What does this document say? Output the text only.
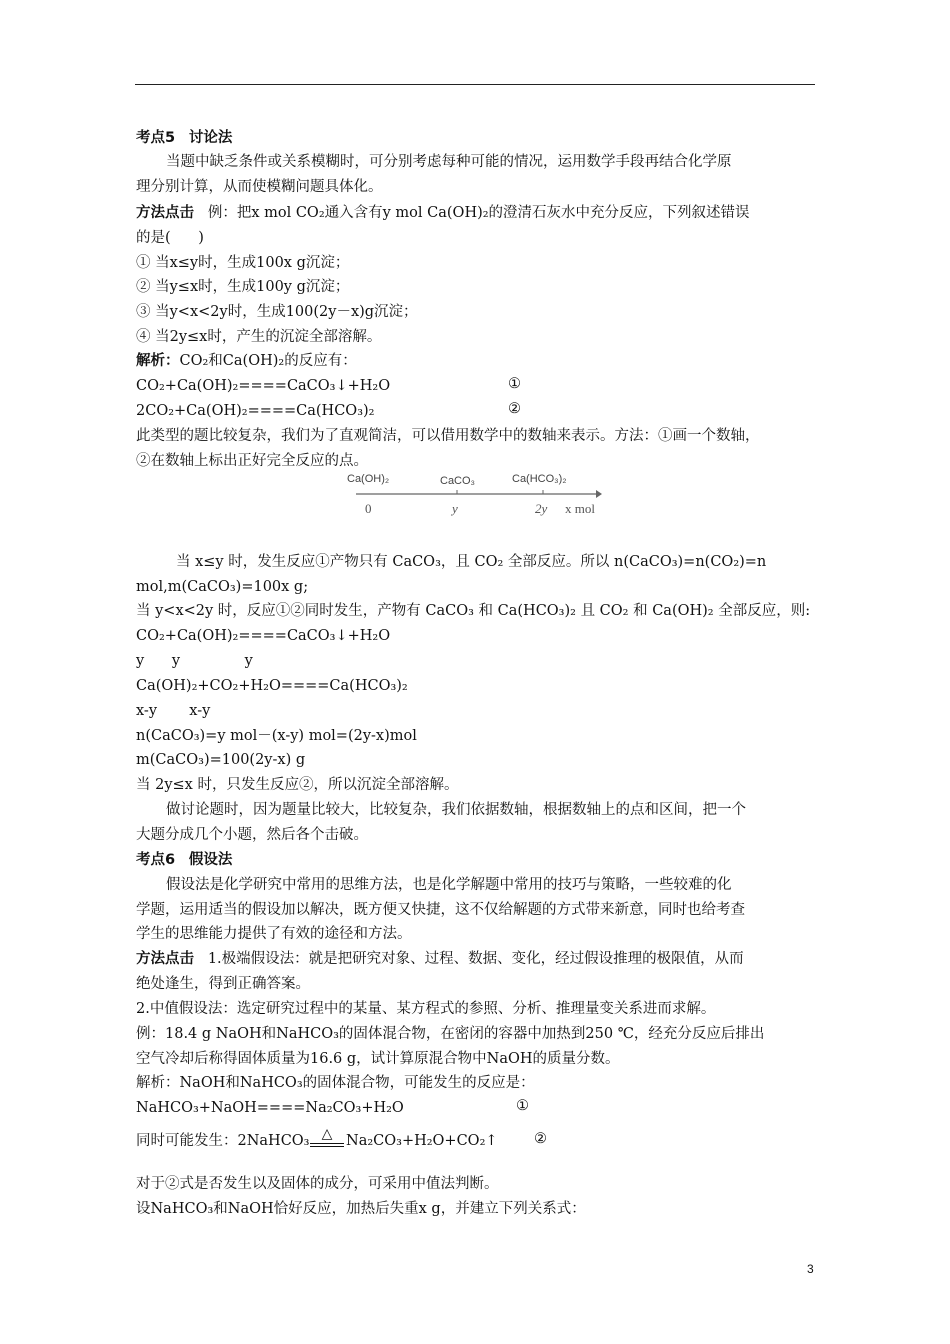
考点5 讨论法
当题中缺乏条件或关系模糊时，可分别考虑每种可能的情况，运用数学手段再结合化学原
理分别计算，从而使模糊问题具体化。
方法点击 例：把x mol CO₂通入含有y mol Ca(OH)₂的澄清石灰水中充分反应，下列叙述错误
的是(      )
① 当x≤y时，生成100x g沉淀；
② 当y≤x时，生成100y g沉淀；
③ 当y<x<2y时，生成100(2y－x)g沉淀；
④ 当2y≤x时，产生的沉淀全部溶解。
解析：CO₂和Ca(OH)₂的反应有：
CO₂+Ca(OH)₂====CaCO₃↓+H₂O	①
2CO₂+Ca(OH)₂====Ca(HCO₃)₂	②
此类型的题比较复杂，我们为了直观简洁，可以借用数学中的数轴来表示。方法：①画一个数轴，
②在数轴上标出正好完全反应的点。
Ca(OH)₂	CaCO₃	Ca(HCO₃)₂
0	y	2y x mol
当 x≤y 时，发生反应①产物只有 CaCO₃，且 CO₂ 全部反应。所以 n(CaCO₃)=n(CO₂)=n
mol,m(CaCO₃)=100x g;
当 y<x<2y 时，反应①②同时发生，产物有 CaCO₃ 和 Ca(HCO₃)₂ 且 CO₂ 和 Ca(OH)₂ 全部反应，则:
CO₂+Ca(OH)₂====CaCO₃↓+H₂O
y      y              y
Ca(OH)₂+CO₂+H₂O====Ca(HCO₃)₂
x-y       x-y
n(CaCO₃)=y mol－(x-y) mol=(2y-x)mol
m(CaCO₃)=100(2y-x) g
当 2y≤x 时，只发生反应②，所以沉淀全部溶解。
做讨论题时，因为题量比较大，比较复杂，我们依据数轴，根据数轴上的点和区间，把一个
大题分成几个小题，然后各个击破。
考点6 假设法
假设法是化学研究中常用的思维方法，也是化学解题中常用的技巧与策略，一些较难的化
学题，运用适当的假设加以解决，既方便又快捷，这不仅给解题的方式带来新意，同时也给考查
学生的思维能力提供了有效的途径和方法。
方法点击 1.极端假设法：就是把研究对象、过程、数据、变化，经过假设推理的极限值，从而
绝处逢生，得到正确答案。
2.中值假设法：选定研究过程中的某量、某方程式的参照、分析、推理量变关系进而求解。
例：18.4 g NaOH和NaHCO₃的固体混合物，在密闭的容器中加热到250 ℃，经充分反应后排出
空气冷却后称得固体质量为16.6 g，试计算原混合物中NaOH的质量分数。
解析：NaOH和NaHCO₃的固体混合物，可能发生的反应是：
NaHCO₃+NaOH====Na₂CO₃+H₂O	①
同时可能发生：2NaHCO₃ △ Na₂CO₃+H₂O+CO₂↑	②
对于②式是否发生以及固体的成分，可采用中值法判断。
设NaHCO₃和NaOH恰好反应，加热后失重x g，并建立下列关系式：
3
